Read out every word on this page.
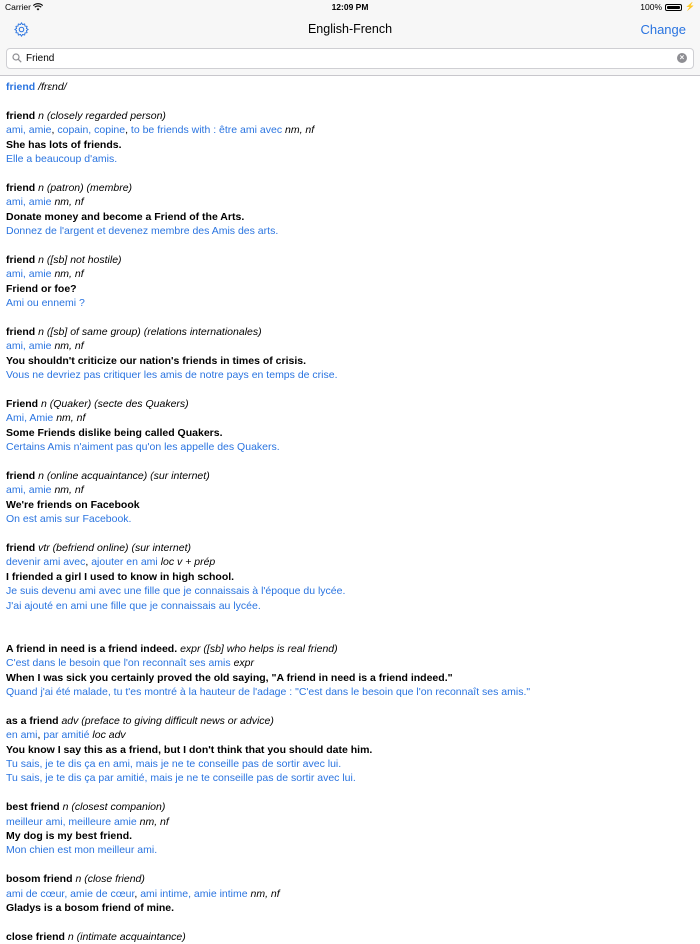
Carrier	12:09 PM	100%	⚡
English-French	Change
Friend	×
friend /frɛnd/
friend n (closely regarded person)
ami, amie, copain, copine, to be friends with : être ami avec nm, nf
She has lots of friends.
Elle a beaucoup d'amis.
friend n (patron) (membre)
ami, amie nm, nf
Donate money and become a Friend of the Arts.
Donnez de l'argent et devenez membre des Amis des arts.
friend n ([sb] not hostile)
ami, amie nm, nf
Friend or foe?
Ami ou ennemi ?
friend n ([sb] of same group) (relations internationales)
ami, amie nm, nf
You shouldn't criticize our nation's friends in times of crisis.
Vous ne devriez pas critiquer les amis de notre pays en temps de crise.
Friend n (Quaker) (secte des Quakers)
Ami, Amie nm, nf
Some Friends dislike being called Quakers.
Certains Amis n'aiment pas qu'on les appelle des Quakers.
friend n (online acquaintance) (sur internet)
ami, amie nm, nf
We're friends on Facebook
On est amis sur Facebook.
friend vtr (befriend online) (sur internet)
devenir ami avec, ajouter en ami loc v + prép
I friended a girl I used to know in high school.
Je suis devenu ami avec une fille que je connaissais à l'époque du lycée.
J'ai ajouté en ami une fille que je connaissais au lycée.
A friend in need is a friend indeed. expr ([sb] who helps is real friend)
C'est dans le besoin que l'on reconnaît ses amis expr
When I was sick you certainly proved the old saying, "A friend in need is a friend indeed."
Quand j'ai été malade, tu t'es montré à la hauteur de l'adage : "C'est dans le besoin que l'on reconnaît ses amis."
as a friend adv (preface to giving difficult news or advice)
en ami, par amitié loc adv
You know I say this as a friend, but I don't think that you should date him.
Tu sais, je te dis ça en ami, mais je ne te conseille pas de sortir avec lui.
Tu sais, je te dis ça par amitié, mais je ne te conseille pas de sortir avec lui.
best friend n (closest companion)
meilleur ami, meilleure amie nm, nf
My dog is my best friend.
Mon chien est mon meilleur ami.
bosom friend n (close friend)
ami de cœur, amie de cœur, ami intime, amie intime nm, nf
Gladys is a bosom friend of mine.
close friend n (intimate acquaintance)
